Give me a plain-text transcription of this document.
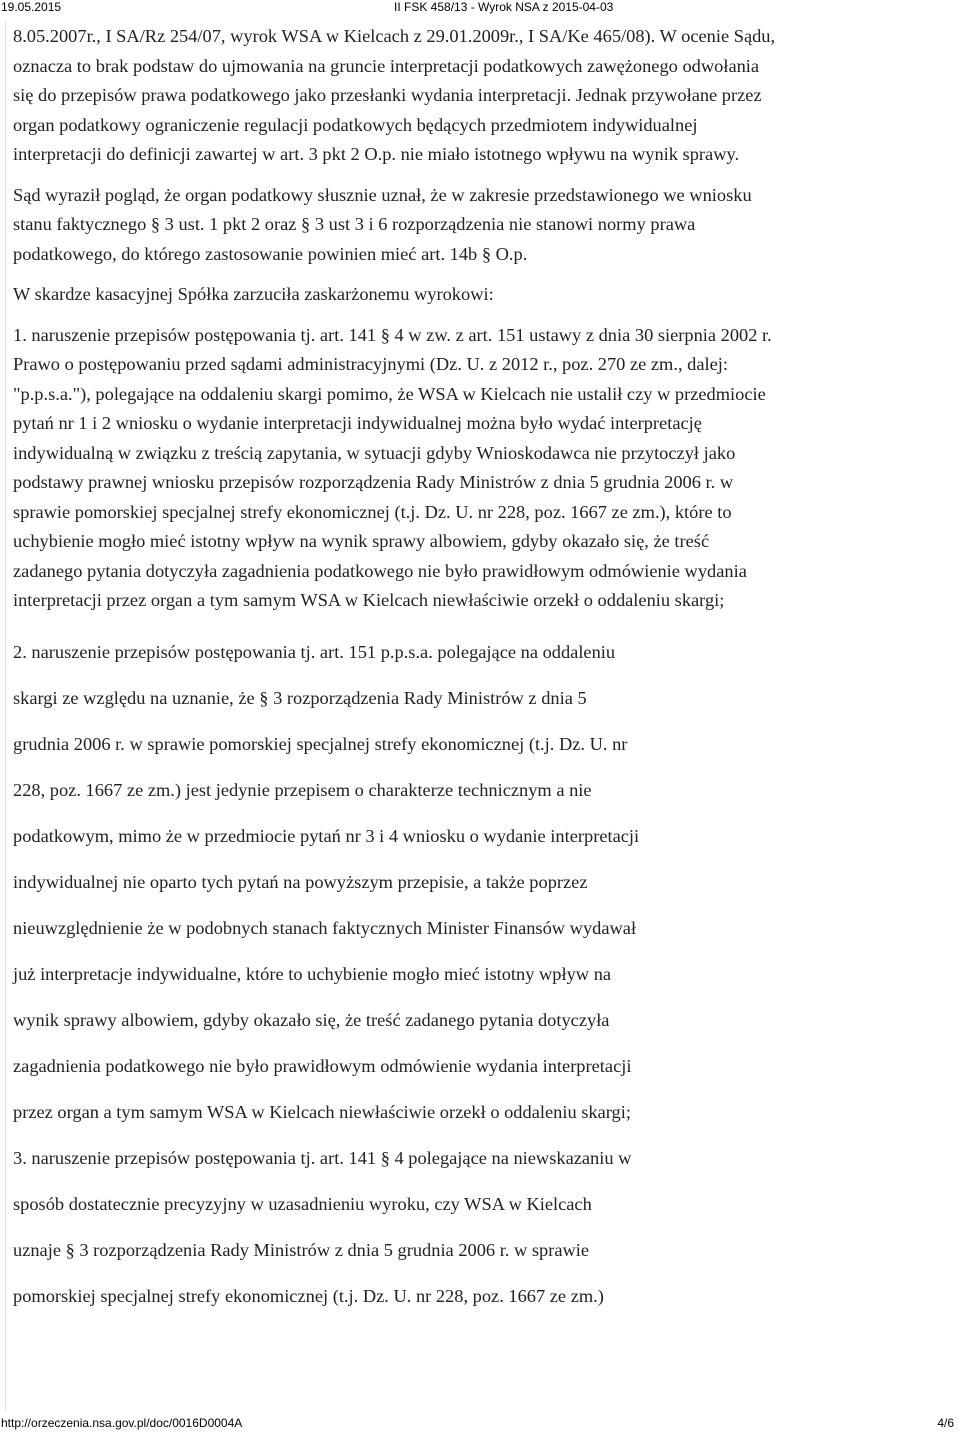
19.05.2015	II FSK 458/13 - Wyrok NSA z 2015-04-03
8.05.2007r., I SA/Rz 254/07, wyrok WSA w Kielcach z 29.01.2009r., I SA/Ke 465/08). W ocenie Sądu,
oznacza to brak podstaw do ujmowania na gruncie interpretacji podatkowych zawężonego odwołania
się do przepisów prawa podatkowego jako przesłanki wydania interpretacji. Jednak przywołane przez
organ podatkowy ograniczenie regulacji podatkowych będących przedmiotem indywidualnej
interpretacji do definicji zawartej w art. 3 pkt 2 O.p. nie miało istotnego wpływu na wynik sprawy.
Sąd wyraził pogląd, że organ podatkowy słusznie uznał, że w zakresie przedstawionego we wniosku
stanu faktycznego § 3 ust. 1 pkt 2 oraz § 3 ust 3 i 6 rozporządzenia nie stanowi normy prawa
podatkowego, do którego zastosowanie powinien mieć art. 14b § O.p.
W skardze kasacyjnej Spółka zarzuciła zaskarżonemu wyrokowi:
1. naruszenie przepisów postępowania tj. art. 141 § 4 w zw. z art. 151 ustawy z dnia 30 sierpnia 2002 r.
Prawo o postępowaniu przed sądami administracyjnymi (Dz. U. z 2012 r., poz. 270 ze zm., dalej:
"p.p.s.a."), polegające na oddaleniu skargi pomimo, że WSA w Kielcach nie ustalił czy w przedmiocie
pytań nr 1 i 2 wniosku o wydanie interpretacji indywidualnej można było wydać interpretację
indywidualną w związku z treścią zapytania, w sytuacji gdyby Wnioskodawca nie przytoczył jako
podstawy prawnej wniosku przepisów rozporządzenia Rady Ministrów z dnia 5 grudnia 2006 r. w
sprawie pomorskiej specjalnej strefy ekonomicznej (t.j. Dz. U. nr 228, poz. 1667 ze zm.), które to
uchybienie mogło mieć istotny wpływ na wynik sprawy albowiem, gdyby okazało się, że treść
zadanego pytania dotyczyła zagadnienia podatkowego nie było prawidłowym odmówienie wydania
interpretacji przez organ a tym samym WSA w Kielcach niewłaściwie orzekł o oddaleniu skargi;
2. naruszenie przepisów postępowania tj. art. 151 p.p.s.a. polegające na oddaleniu
skargi ze względu na uznanie, że § 3 rozporządzenia Rady Ministrów z dnia 5
grudnia 2006 r. w sprawie pomorskiej specjalnej strefy ekonomicznej (t.j. Dz. U. nr
228, poz. 1667 ze zm.) jest jedynie przepisem o charakterze technicznym a nie
podatkowym, mimo że w przedmiocie pytań nr 3 i 4 wniosku o wydanie interpretacji
indywidualnej nie oparto tych pytań na powyższym przepisie, a także poprzez
nieuwzględnienie że w podobnych stanach faktycznych Minister Finansów wydawał
już interpretacje indywidualne, które to uchybienie mogło mieć istotny wpływ na
wynik sprawy albowiem, gdyby okazało się, że treść zadanego pytania dotyczyła
zagadnienia podatkowego nie było prawidłowym odmówienie wydania interpretacji
przez organ a tym samym WSA w Kielcach niewłaściwie orzekł o oddaleniu skargi;
3. naruszenie przepisów postępowania tj. art. 141 § 4 polegające na niewskazaniu w
sposób dostatecznie precyzyjny w uzasadnieniu wyroku, czy WSA w Kielcach
uznaje § 3 rozporządzenia Rady Ministrów z dnia 5 grudnia 2006 r. w sprawie
pomorskiej specjalnej strefy ekonomicznej (t.j. Dz. U. nr 228, poz. 1667 ze zm.)
http://orzeczenia.nsa.gov.pl/doc/0016D0004A	4/6
